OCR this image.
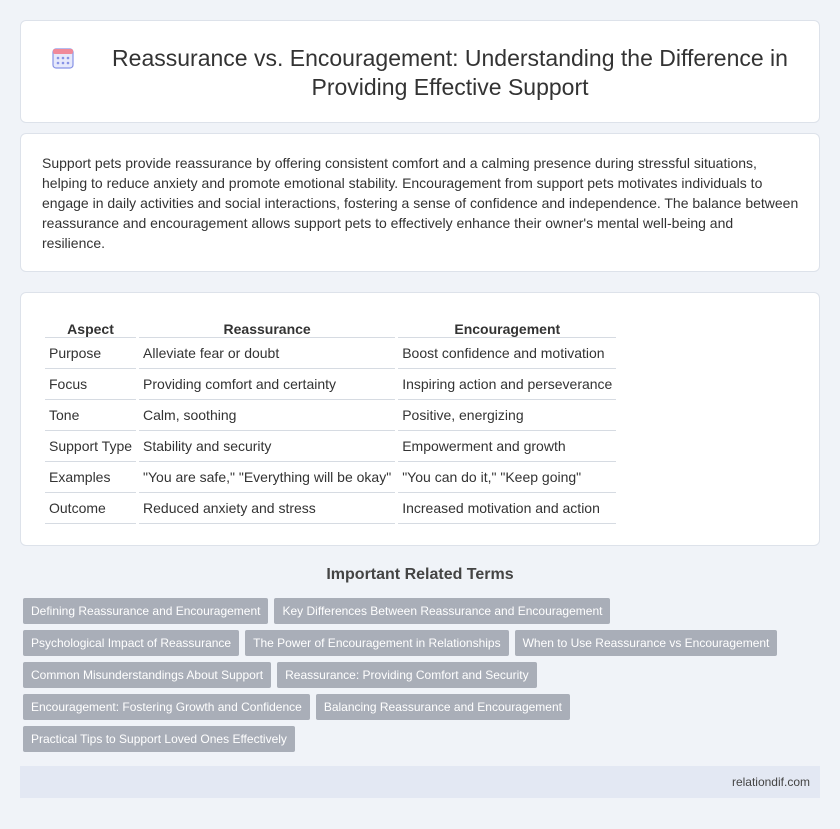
Reassurance vs. Encouragement: Understanding the Difference in Providing Effective Support

Support pets provide reassurance by offering consistent comfort and a calming presence during stressful situations, helping to reduce anxiety and promote emotional stability. Encouragement from support pets motivates individuals to engage in daily activities and social interactions, fostering a sense of confidence and independence. The balance between reassurance and encouragement allows support pets to effectively enhance their owner's mental well-being and resilience.

Aspect	Reassurance	Encouragement
Purpose	Alleviate fear or doubt	Boost confidence and motivation
Focus	Providing comfort and certainty	Inspiring action and perseverance
Tone	Calm, soothing	Positive, energizing
Support Type	Stability and security	Empowerment and growth
Examples	"You are safe," "Everything will be okay"	"You can do it," "Keep going"
Outcome	Reduced anxiety and stress	Increased motivation and action
Important Related Terms
Defining Reassurance and Encouragement	Key Differences Between Reassurance and Encouragement
Psychological Impact of Reassurance	The Power of Encouragement in Relationships	When to Use Reassurance vs Encouragement
Common Misunderstandings About Support	Reassurance: Providing Comfort and Security
Encouragement: Fostering Growth and Confidence	Balancing Reassurance and Encouragement
Practical Tips to Support Loved Ones Effectively
relationdif.com
